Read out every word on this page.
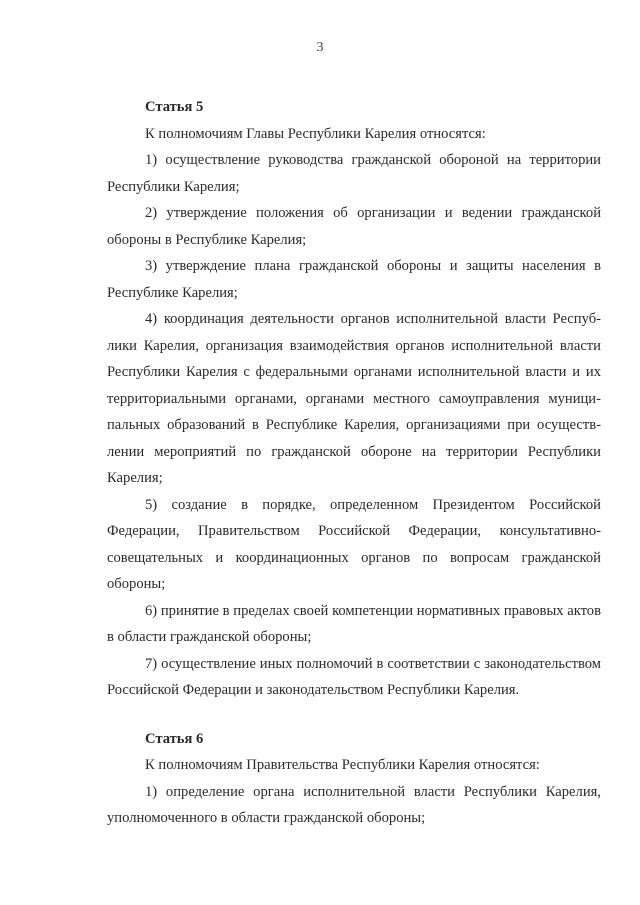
3

Статья 5

К полномочиям Главы Республики Карелия относятся:

1) осуществление руководства гражданской обороной на территории Республики Карелия;

2) утверждение положения об организации и ведении гражданской обороны в Республике Карелия;

3) утверждение плана гражданской обороны и защиты населения в Республике Карелия;

4) координация деятельности органов исполнительной власти Республики Карелия, организация взаимодействия органов исполнительной власти Республики Карелия с федеральными органами исполнительной власти и их территориальными органами, органами местного самоуправления муниципальных образований в Республике Карелия, организациями при осуществлении мероприятий по гражданской обороне на территории Республики Карелия;

5) создание в порядке, определенном Президентом Российской Федерации, Правительством Российской Федерации, консультативно-совещательных и координационных органов по вопросам гражданской обороны;

6) принятие в пределах своей компетенции нормативных правовых актов в области гражданской обороны;

7) осуществление иных полномочий в соответствии с законодательством Российской Федерации и законодательством Республики Карелия.

Статья 6

К полномочиям Правительства Республики Карелия относятся:

1) определение органа исполнительной власти Республики Карелия, уполномоченного в области гражданской обороны;
